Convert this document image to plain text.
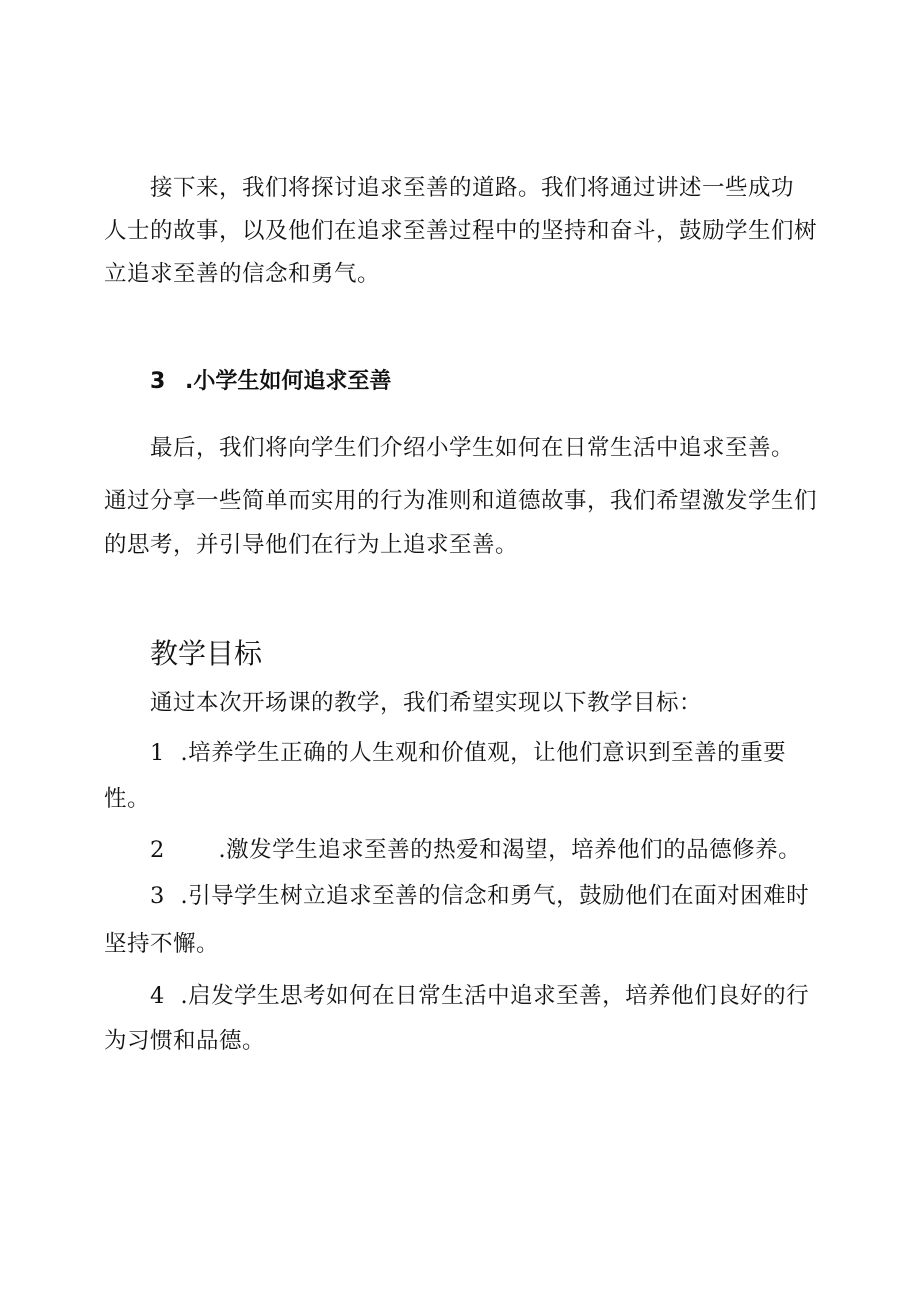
接下来，我们将探讨追求至善的道路。我们将通过讲述一些成功
人士的故事，以及他们在追求至善过程中的坚持和奋斗，鼓励学生们树
立追求至善的信念和勇气。
3 .小学生如何追求至善
最后，我们将向学生们介绍小学生如何在日常生活中追求至善。
通过分享一些简单而实用的行为准则和道德故事，我们希望激发学生们
的思考，并引导他们在行为上追求至善。
教学目标
通过本次开场课的教学，我们希望实现以下教学目标：
1 .培养学生正确的人生观和价值观，让他们意识到至善的重要
性。
2 .激发学生追求至善的热爱和渴望，培养他们的品德修养。
3 .引导学生树立追求至善的信念和勇气，鼓励他们在面对困难时
坚持不懈。
4 .启发学生思考如何在日常生活中追求至善，培养他们良好的行
为习惯和品德。
